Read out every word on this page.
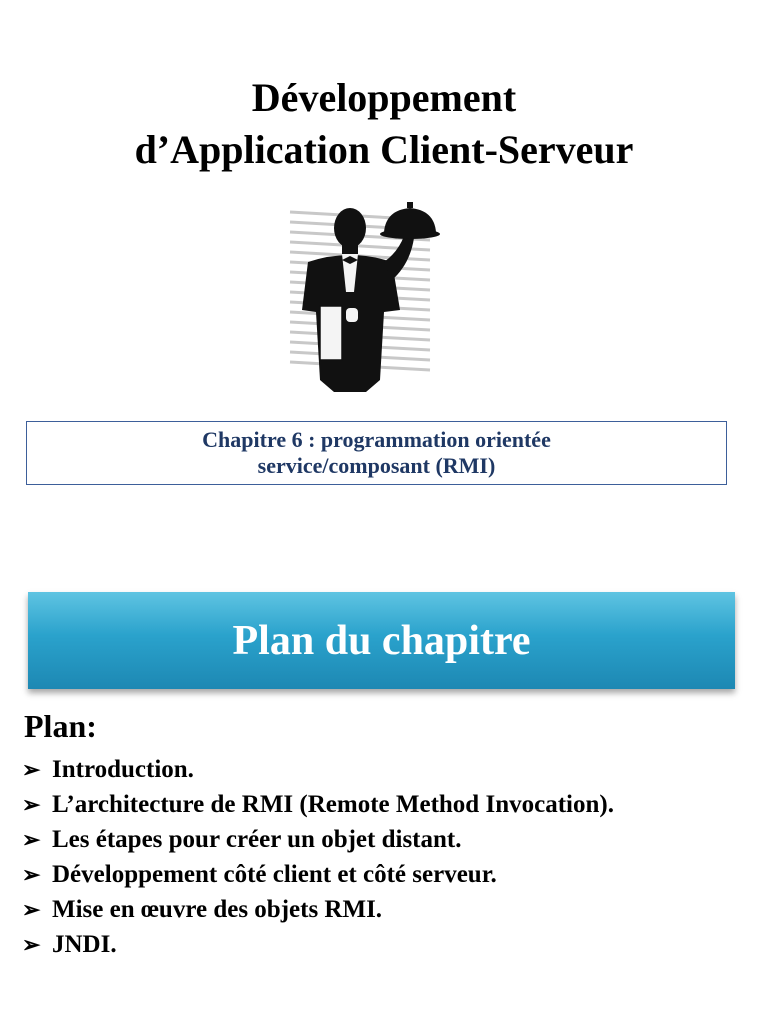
Développement
d’Application Client-Serveur
Chapitre 6 : programmation orientée
service/composant (RMI)
Plan du chapitre
Plan:
➢ Introduction.
➢ L’architecture de RMI (Remote Method Invocation).
➢ Les étapes pour créer un objet distant.
➢ Développement côté client et côté serveur.
➢ Mise en œuvre des objets RMI.
➢ JNDI.
